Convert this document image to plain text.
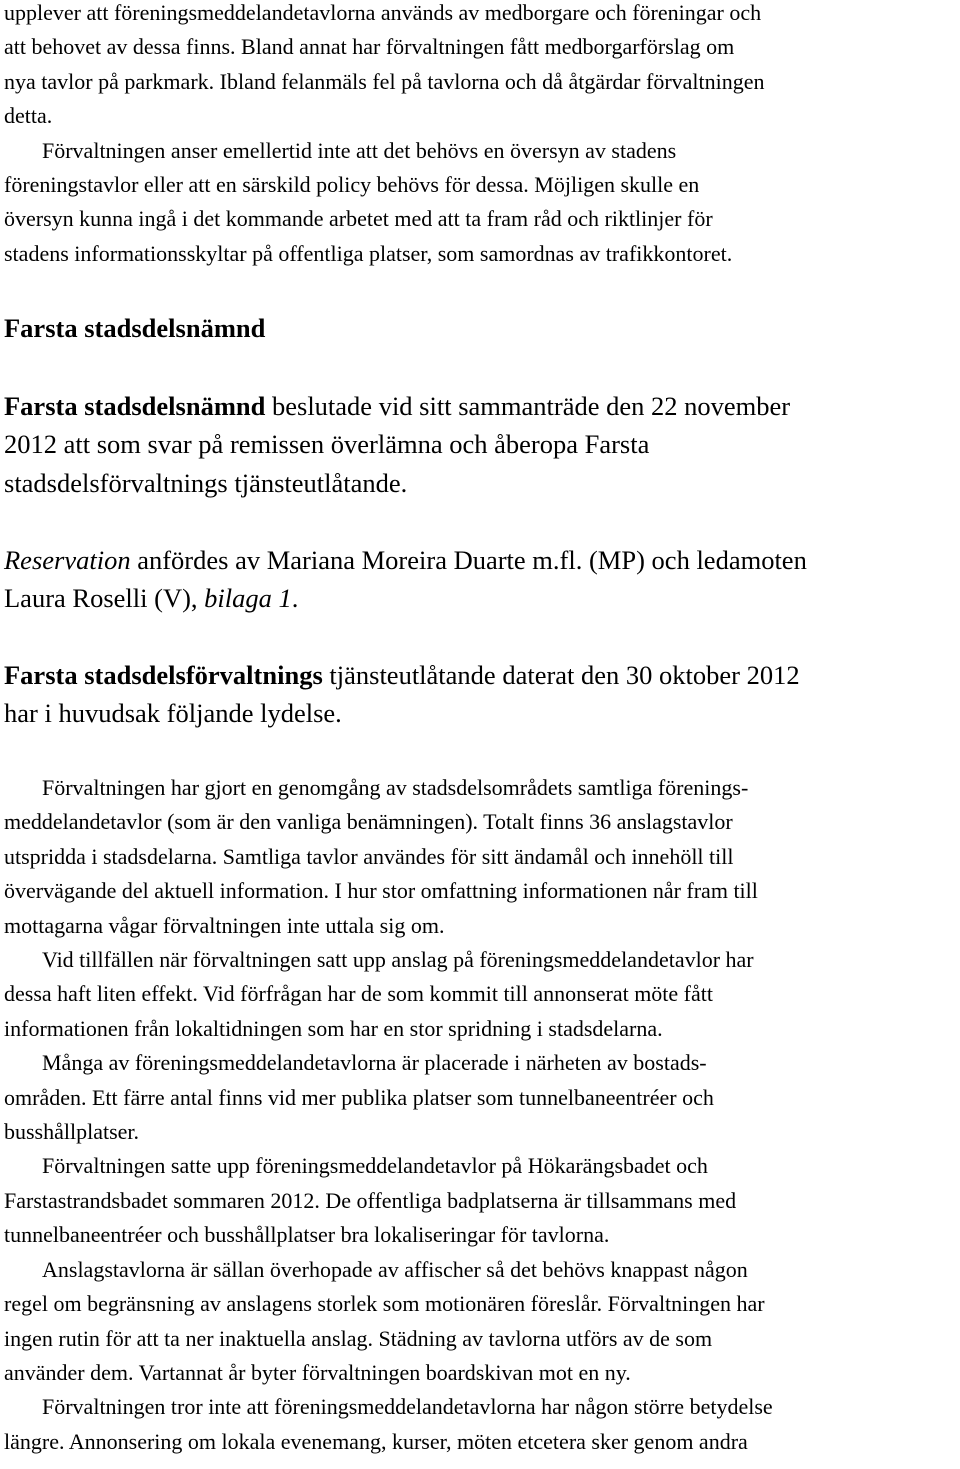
upplever att föreningsmeddelandetavlorna används av medborgare och föreningar och
att behovet av dessa finns. Bland annat har förvaltningen fått medborgarförslag om
nya tavlor på parkmark. Ibland felanmäls fel på tavlorna och då åtgärdar förvaltningen
detta.
Förvaltningen anser emellertid inte att det behövs en översyn av stadens
föreningstavlor eller att en särskild policy behövs för dessa. Möjligen skulle en
översyn kunna ingå i det kommande arbetet med att ta fram råd och riktlinjer för
stadens informationsskyltar på offentliga platser, som samordnas av trafikkontoret.
Farsta stadsdelsnämnd
Farsta stadsdelsnämnd beslutade vid sitt sammanträde den 22 november
2012 att som svar på remissen överlämna och åberopa Farsta
stadsdelsförvaltnings tjänsteutlåtande.
Reservation anfördes av Mariana Moreira Duarte m.fl. (MP) och ledamoten
Laura Roselli (V), bilaga 1.
Farsta stadsdelsförvaltnings tjänsteutlåtande daterat den 30 oktober 2012
har i huvudsak följande lydelse.
Förvaltningen har gjort en genomgång av stadsdelsområdets samtliga förenings-
meddelandetavlor (som är den vanliga benämningen). Totalt finns 36 anslagstavlor
utspridda i stadsdelarna. Samtliga tavlor användes för sitt ändamål och innehöll till
övervägande del aktuell information. I hur stor omfattning informationen når fram till
mottagarna vågar förvaltningen inte uttala sig om.
Vid tillfällen när förvaltningen satt upp anslag på föreningsmeddelandetavlor har
dessa haft liten effekt. Vid förfrågan har de som kommit till annonserat möte fått
informationen från lokaltidningen som har en stor spridning i stadsdelarna.
Många av föreningsmeddelandetavlorna är placerade i närheten av bostads-
områden. Ett färre antal finns vid mer publika platser som tunnelbaneentréer och
busshållplatser.
Förvaltningen satte upp föreningsmeddelandetavlor på Hökarängsbadet och
Farstastrandsbadet sommaren 2012. De offentliga badplatserna är tillsammans med
tunnelbaneentréer och busshållplatser bra lokaliseringar för tavlorna.
Anslagstavlorna är sällan överhopade av affischer så det behövs knappast någon
regel om begränsning av anslagens storlek som motionären föreslår. Förvaltningen har
ingen rutin för att ta ner inaktuella anslag. Städning av tavlorna utförs av de som
använder dem. Vartannat år byter förvaltningen boardskivan mot en ny.
Förvaltningen tror inte att föreningsmeddelandetavlorna har någon större betydelse
längre. Annonsering om lokala evenemang, kurser, möten etcetera sker genom andra
